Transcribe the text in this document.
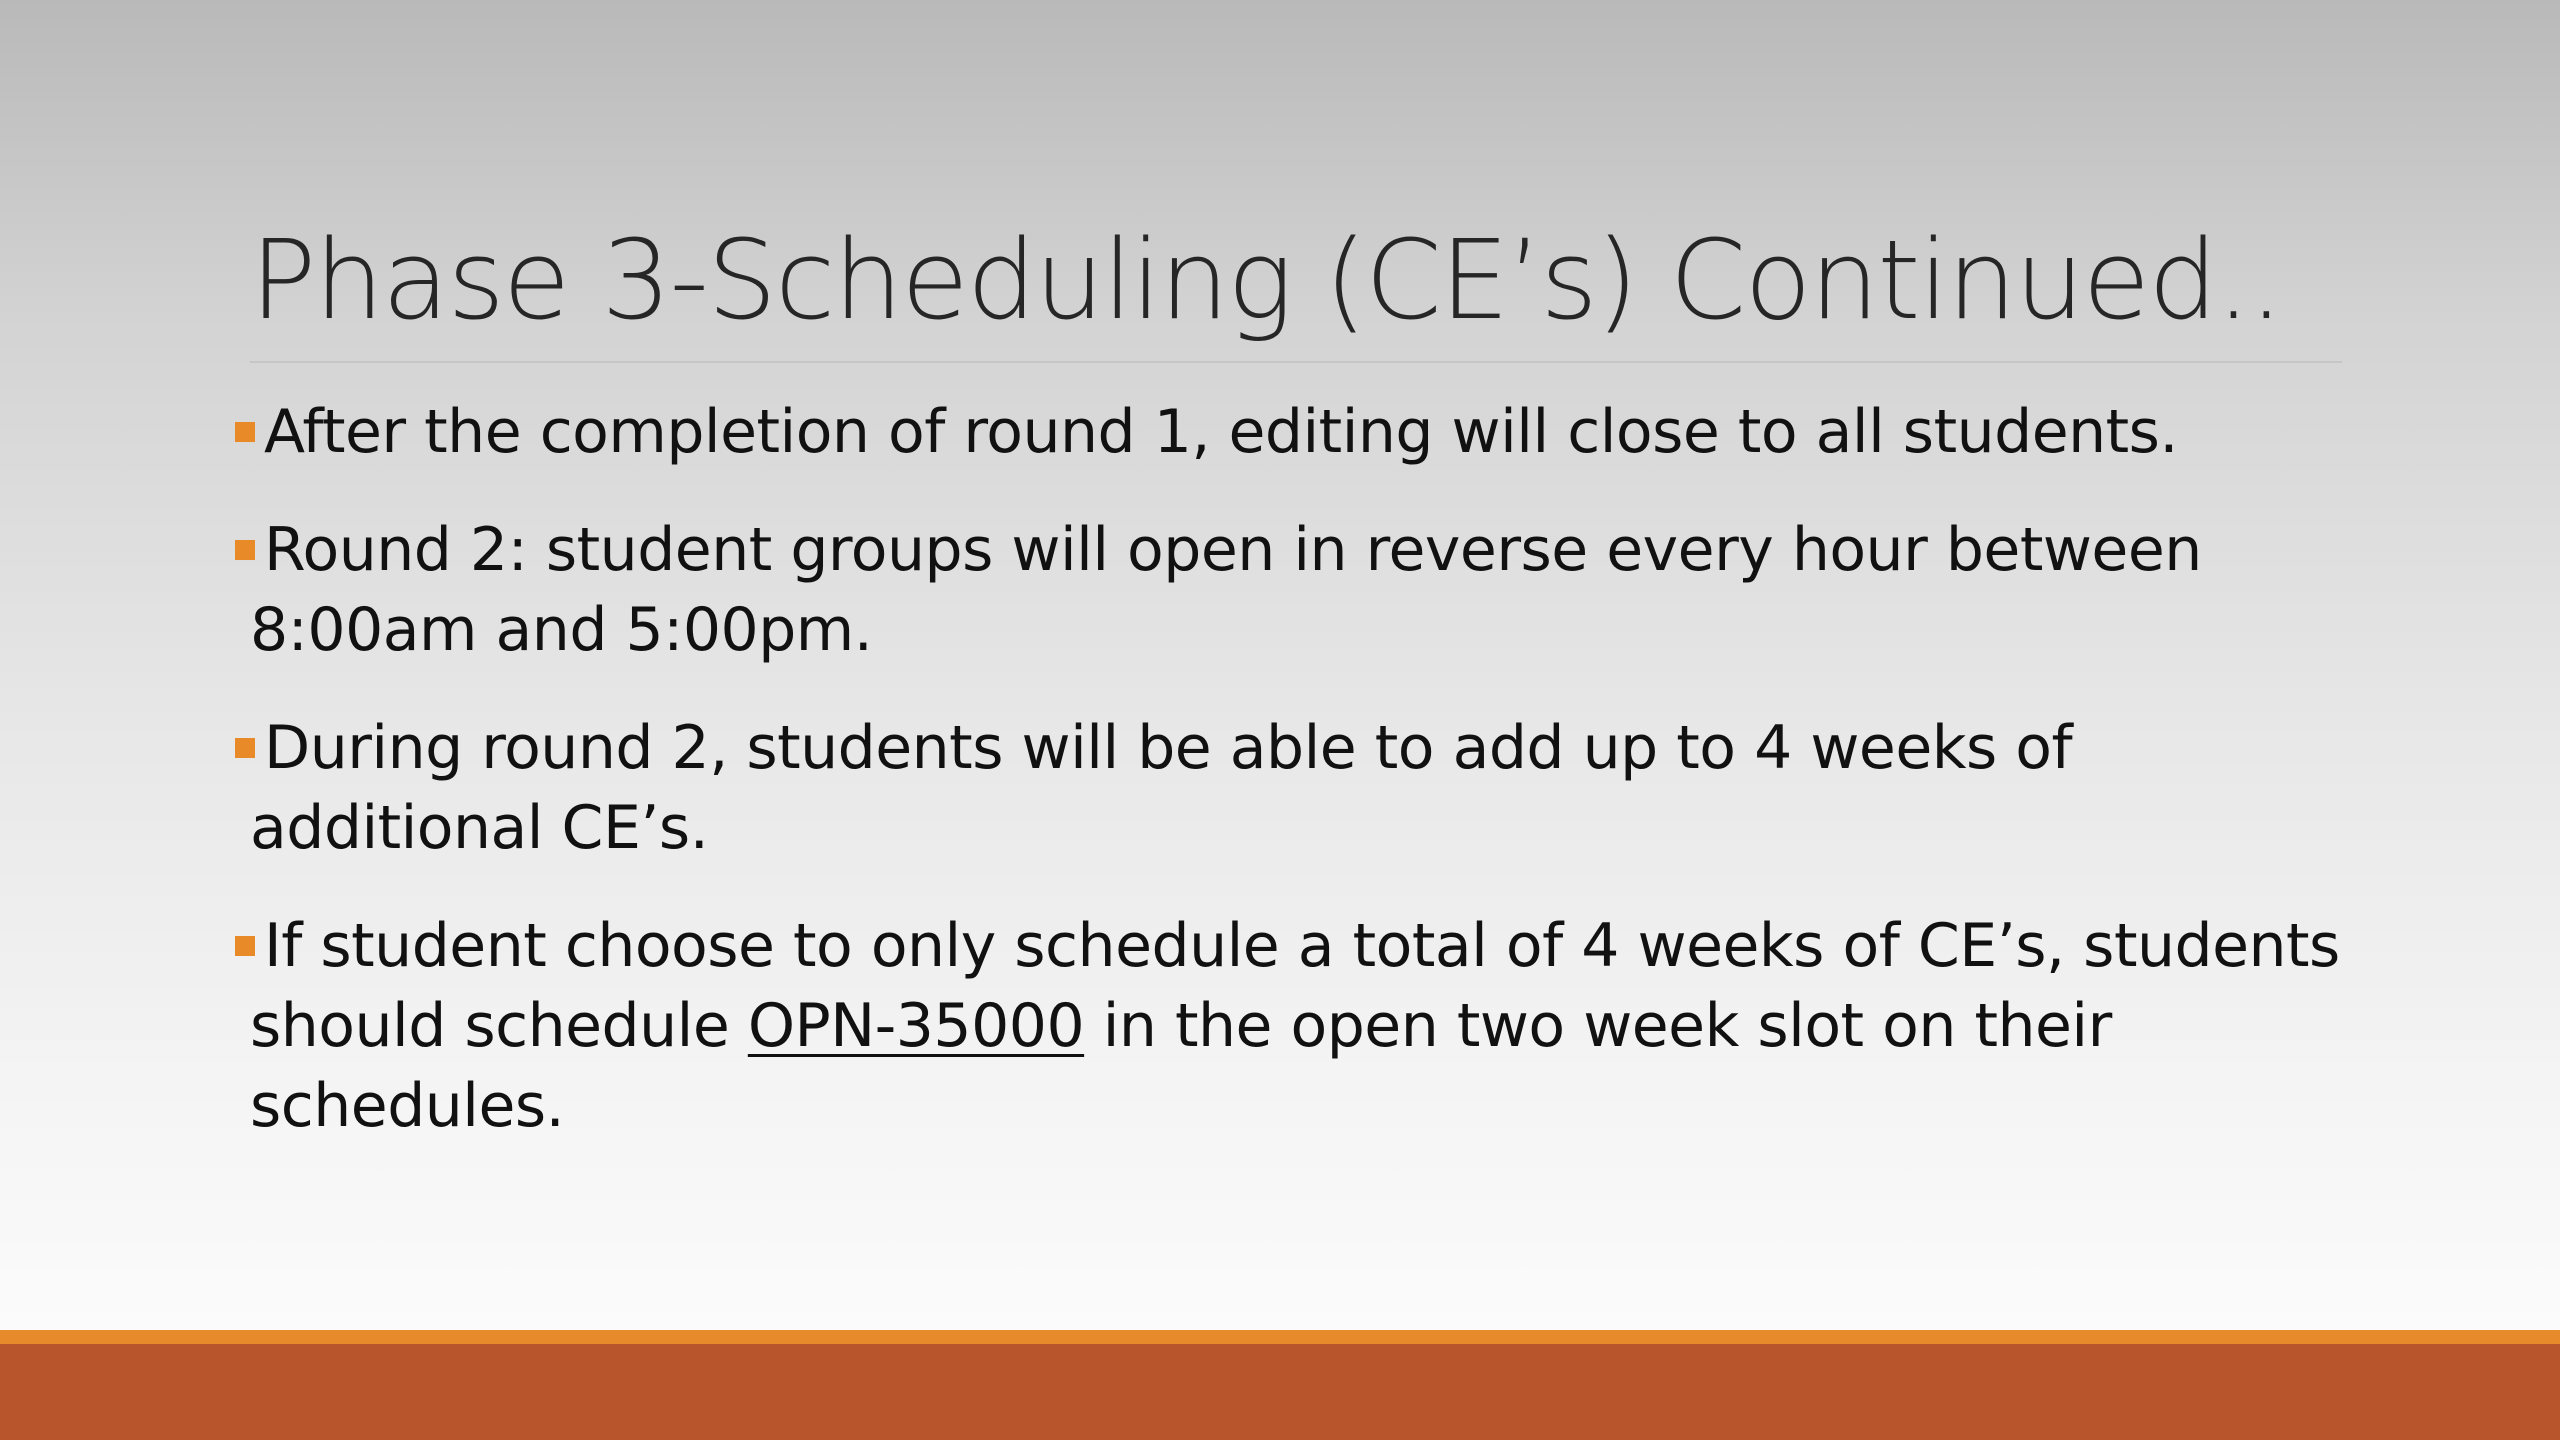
Phase 3-Scheduling (CE’s) Continued..
After the completion of round 1, editing will close to all students.
Round 2: student groups will open in reverse every hour between 8:00am and 5:00pm.
During round 2, students will be able to add up to 4 weeks of additional CE’s.
If student choose to only schedule a total of 4 weeks of CE’s, students should schedule OPN-35000 in the open two week slot on their schedules.
